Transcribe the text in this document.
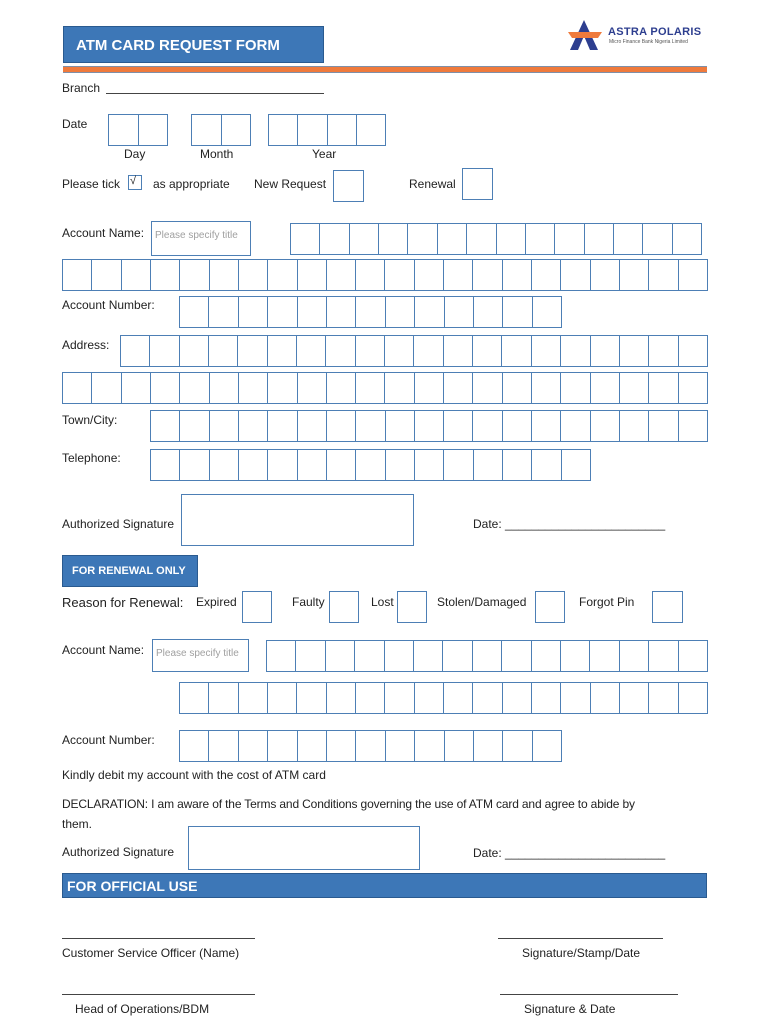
ATM CARD REQUEST FORM
ASTRA POLARIS
Micro Finance Bank Nigeria Limited
Branch
Date
Day	Month	Year
Please tick √ as appropriate New Request	Renewal
Account Name: Please specify title
Account Number:
Address:
Town/City:
Telephone:
Authorized Signature	Date: ________________________
FOR RENEWAL ONLY
Reason for Renewal: Expired	Faulty	Lost	Stolen/Damaged	Forgot Pin
Account Name: Please specify title
Account Number:
Kindly debit my account with the cost of ATM card
DECLARATION: I am aware of the Terms and Conditions governing the use of ATM card and agree to abide by
them.
Authorized Signature	Date: ________________________
FOR OFFICIAL USE
Customer Service Officer (Name)	Signature/Stamp/Date
Head of Operations/BDM	Signature & Date
